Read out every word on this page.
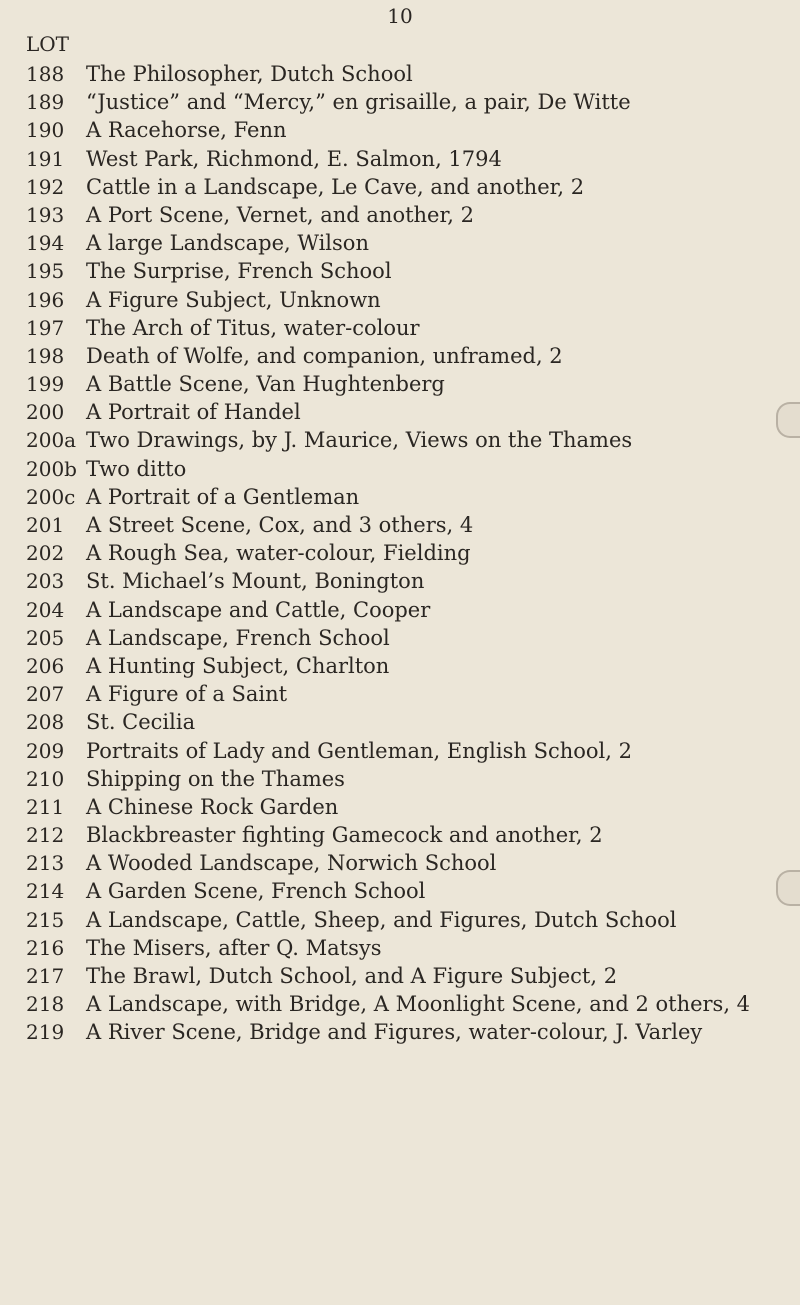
10
LOT
188	The Philosopher, Dutch School
189	“Justice” and “Mercy,” en grisaille, a pair, De Witte
190	A Racehorse, Fenn
191	West Park, Richmond, E. Salmon, 1794
192	Cattle in a Landscape, Le Cave, and another, 2
193	A Port Scene, Vernet, and another, 2
194	A large Landscape, Wilson
195	The Surprise, French School
196	A Figure Subject, Unknown
197	The Arch of Titus, water-colour
198	Death of Wolfe, and companion, unframed, 2
199	A Battle Scene, Van Hughtenberg
200	A Portrait of Handel
200a Two Drawings, by J. Maurice, Views on the Thames
200b Two ditto
200c A Portrait of a Gentleman
201	A Street Scene, Cox, and 3 others, 4
202	A Rough Sea, water-colour, Fielding
203	St. Michael’s Mount, Bonington
204	A Landscape and Cattle, Cooper
205	A Landscape, French School
206	A Hunting Subject, Charlton
207	A Figure of a Saint
208	St. Cecilia
209	Portraits of Lady and Gentleman, English School, 2
210	Shipping on the Thames
211	A Chinese Rock Garden
212	Blackbreaster fighting Gamecock and another, 2
213	A Wooded Landscape, Norwich School
214	A Garden Scene, French School
215	A Landscape, Cattle, Sheep, and Figures, Dutch School
216	The Misers, after Q. Matsys
217	The Brawl, Dutch School, and A Figure Subject, 2
218	A Landscape, with Bridge, A Moonlight Scene, and 2 others, 4
219	A River Scene, Bridge and Figures, water-colour, J. Varley
